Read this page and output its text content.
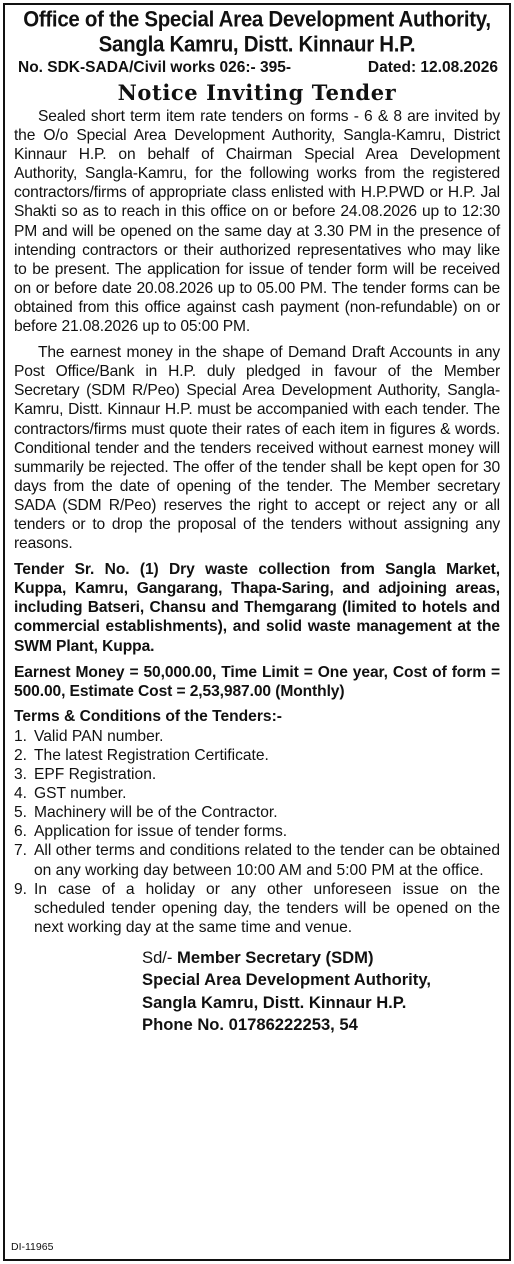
Office of the Special Area Development Authority,
Sangla Kamru, Distt. Kinnaur H.P.
No. SDK-SADA/Civil works 026:- 395-	Dated: 12.08.2026
Notice Inviting Tender

Sealed short term item rate tenders on forms - 6 & 8 are invited by the O/o Special Area Development Authority, Sangla-Kamru, District Kinnaur H.P. on behalf of Chairman Special Area Development Authority, Sangla-Kamru, for the following works from the registered contractors/firms of appropriate class enlisted with H.P.PWD or H.P. Jal Shakti so as to reach in this office on or before 24.08.2026 up to 12:30 PM and will be opened on the same day at 3.30 PM in the presence of intending contractors or their authorized representatives who may like to be present. The application for issue of tender form will be received on or before date 20.08.2026 up to 05.00 PM. The tender forms can be obtained from this office against cash payment (non-refundable) on or before 21.08.2026 up to 05:00 PM.

The earnest money in the shape of Demand Draft Accounts in any Post Office/Bank in H.P. duly pledged in favour of the Member Secretary (SDM R/Peo) Special Area Development Authority, Sangla-Kamru, Distt. Kinnaur H.P. must be accompanied with each tender. The contractors/firms must quote their rates of each item in figures & words. Conditional tender and the tenders received without earnest money will summarily be rejected. The offer of the tender shall be kept open for 30 days from the date of opening of the tender. The Member secretary SADA (SDM R/Peo) reserves the right to accept or reject any or all tenders or to drop the proposal of the tenders without assigning any reasons.

Tender Sr. No. (1) Dry waste collection from Sangla Market, Kuppa, Kamru, Gangarang, Thapa-Saring, and adjoining areas, including Batseri, Chansu and Themgarang (limited to hotels and commercial establishments), and solid waste management at the SWM Plant, Kuppa.

Earnest Money = 50,000.00, Time Limit = One year, Cost of form = 500.00, Estimate Cost = 2,53,987.00 (Monthly)

Terms & Conditions of the Tenders:-
1. Valid PAN number.
2. The latest Registration Certificate.
3. EPF Registration.
4. GST number.
5. Machinery will be of the Contractor.
6. Application for issue of tender forms.
7. All other terms and conditions related to the tender can be obtained on any working day between 10:00 AM and 5:00 PM at the office.
9. In case of a holiday or any other unforeseen issue on the scheduled tender opening day, the tenders will be opened on the next working day at the same time and venue.
Sd/- Member Secretary (SDM)
Special Area Development Authority,
Sangla Kamru, Distt. Kinnaur H.P.
Phone No. 01786222253, 54
DI-11965
